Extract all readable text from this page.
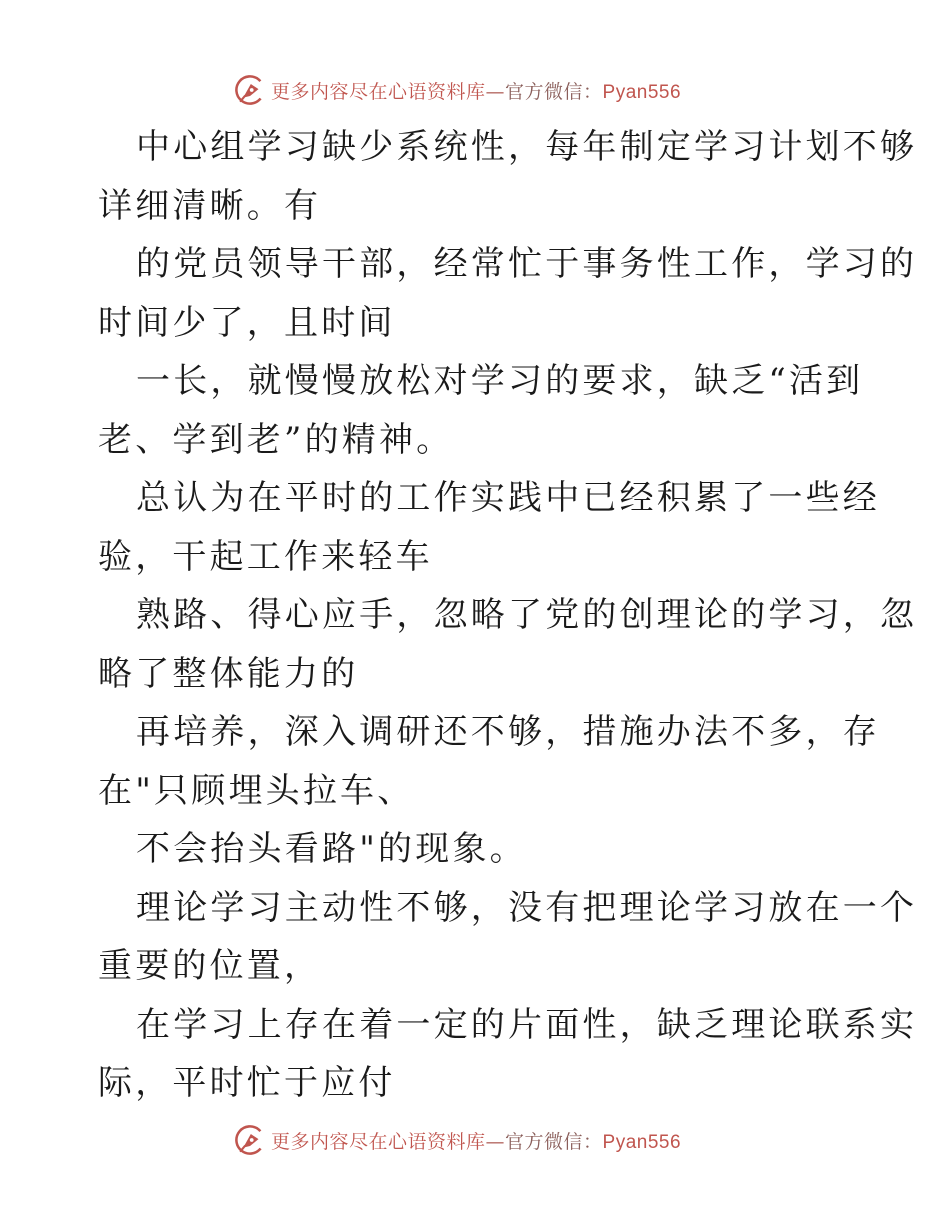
更多内容尽在心语资料库—官方微信：Pyan556
中心组学习缺少系统性，每年制定学习计划不够
详细清晰。有
的党员领导干部，经常忙于事务性工作，学习的
时间少了，且时间
一长，就慢慢放松对学习的要求，缺乏“活到
老、学到老”的精神。
总认为在平时的工作实践中已经积累了一些经
验，干起工作来轻车
熟路、得心应手，忽略了党的创理论的学习，忽
略了整体能力的
再培养，深入调研还不够，措施办法不多，存
在"只顾埋头拉车、
不会抬头看路"的现象。
理论学习主动性不够，没有把理论学习放在一个
重要的位置，
在学习上存在着一定的片面性，缺乏理论联系实
际，平时忙于应付
更多内容尽在心语资料库—官方微信：Pyan556
